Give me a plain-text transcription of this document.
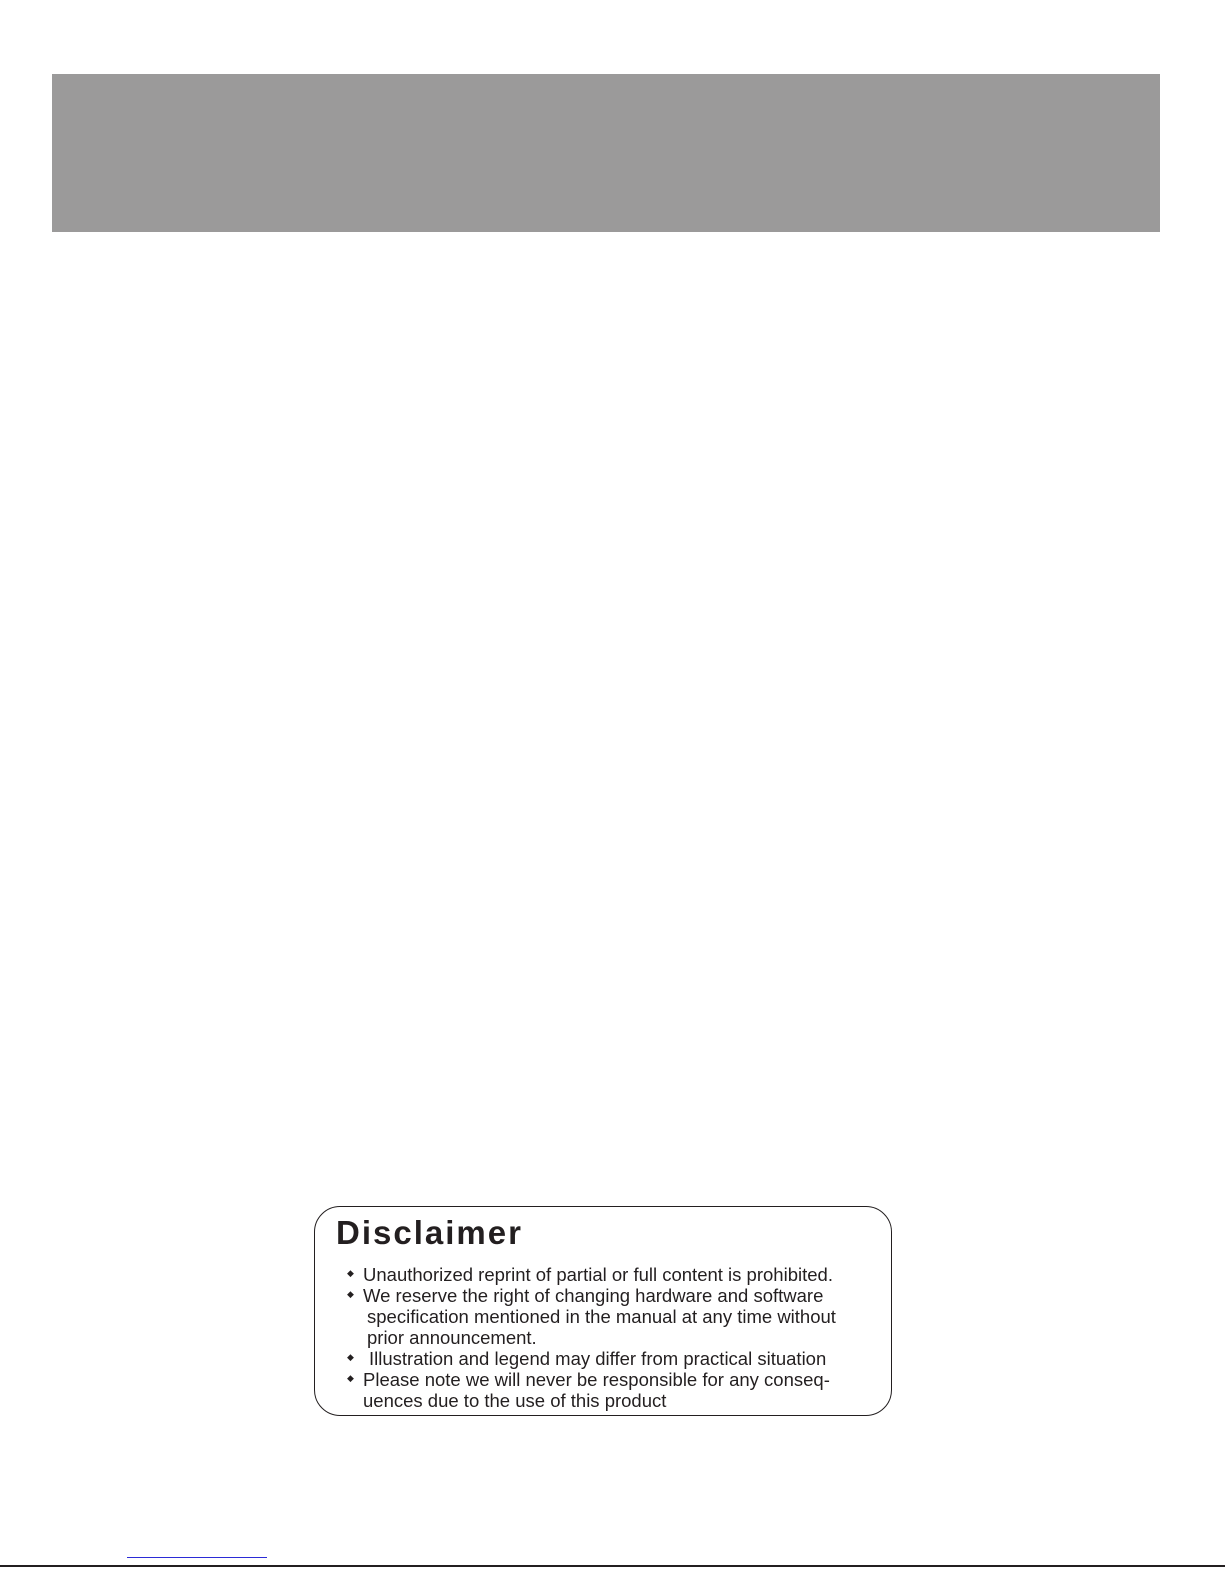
Disclaimer
◆ Unauthorized reprint of partial or full content is prohibited.
◆ We reserve the right of changing hardware and software
specification mentioned in the manual at any time without
prior announcement.
◆ Illustration and legend may differ from practical situation
◆ Please note we will never be responsible for any conseq-
uences due to the use of this product
